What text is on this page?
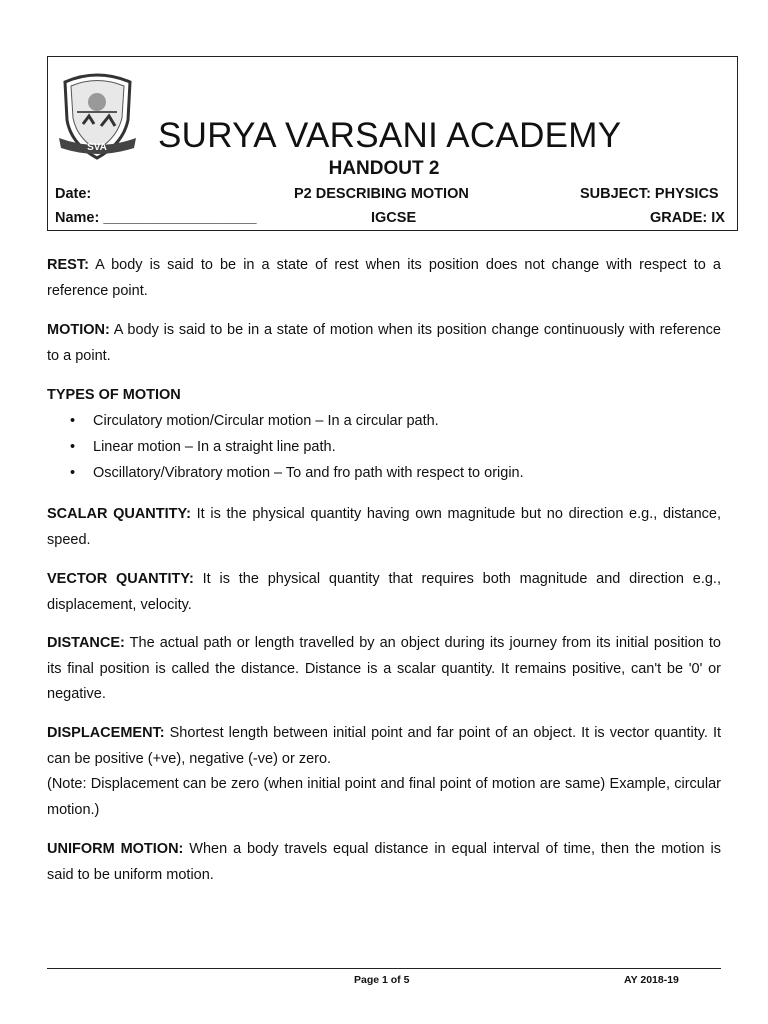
SVA SURYA VARSANI ACADEMY
HANDOUT 2
Date:	P2 DESCRIBING MOTION	SUBJECT: PHYSICS
Name: ___________________	IGCSE	GRADE: IX
REST: A body is said to be in a state of rest when its position does not change with respect to a reference point.
MOTION: A body is said to be in a state of motion when its position change continuously with reference to a point.
TYPES OF MOTION
• Circulatory motion/Circular motion – In a circular path.
• Linear motion – In a straight line path.
• Oscillatory/Vibratory motion – To and fro path with respect to origin.
SCALAR QUANTITY: It is the physical quantity having own magnitude but no direction e.g., distance, speed.
VECTOR QUANTITY: It is the physical quantity that requires both magnitude and direction e.g., displacement, velocity.
DISTANCE: The actual path or length travelled by an object during its journey from its initial position to its final position is called the distance. Distance is a scalar quantity. It remains positive, can't be '0' or negative.
DISPLACEMENT: Shortest length between initial point and far point of an object. It is vector quantity. It can be positive (+ve), negative (-ve) or zero.
(Note: Displacement can be zero (when initial point and final point of motion are same) Example, circular motion.)
UNIFORM MOTION: When a body travels equal distance in equal interval of time, then the motion is said to be uniform motion.
Page 1 of 5	AY 2018-19
